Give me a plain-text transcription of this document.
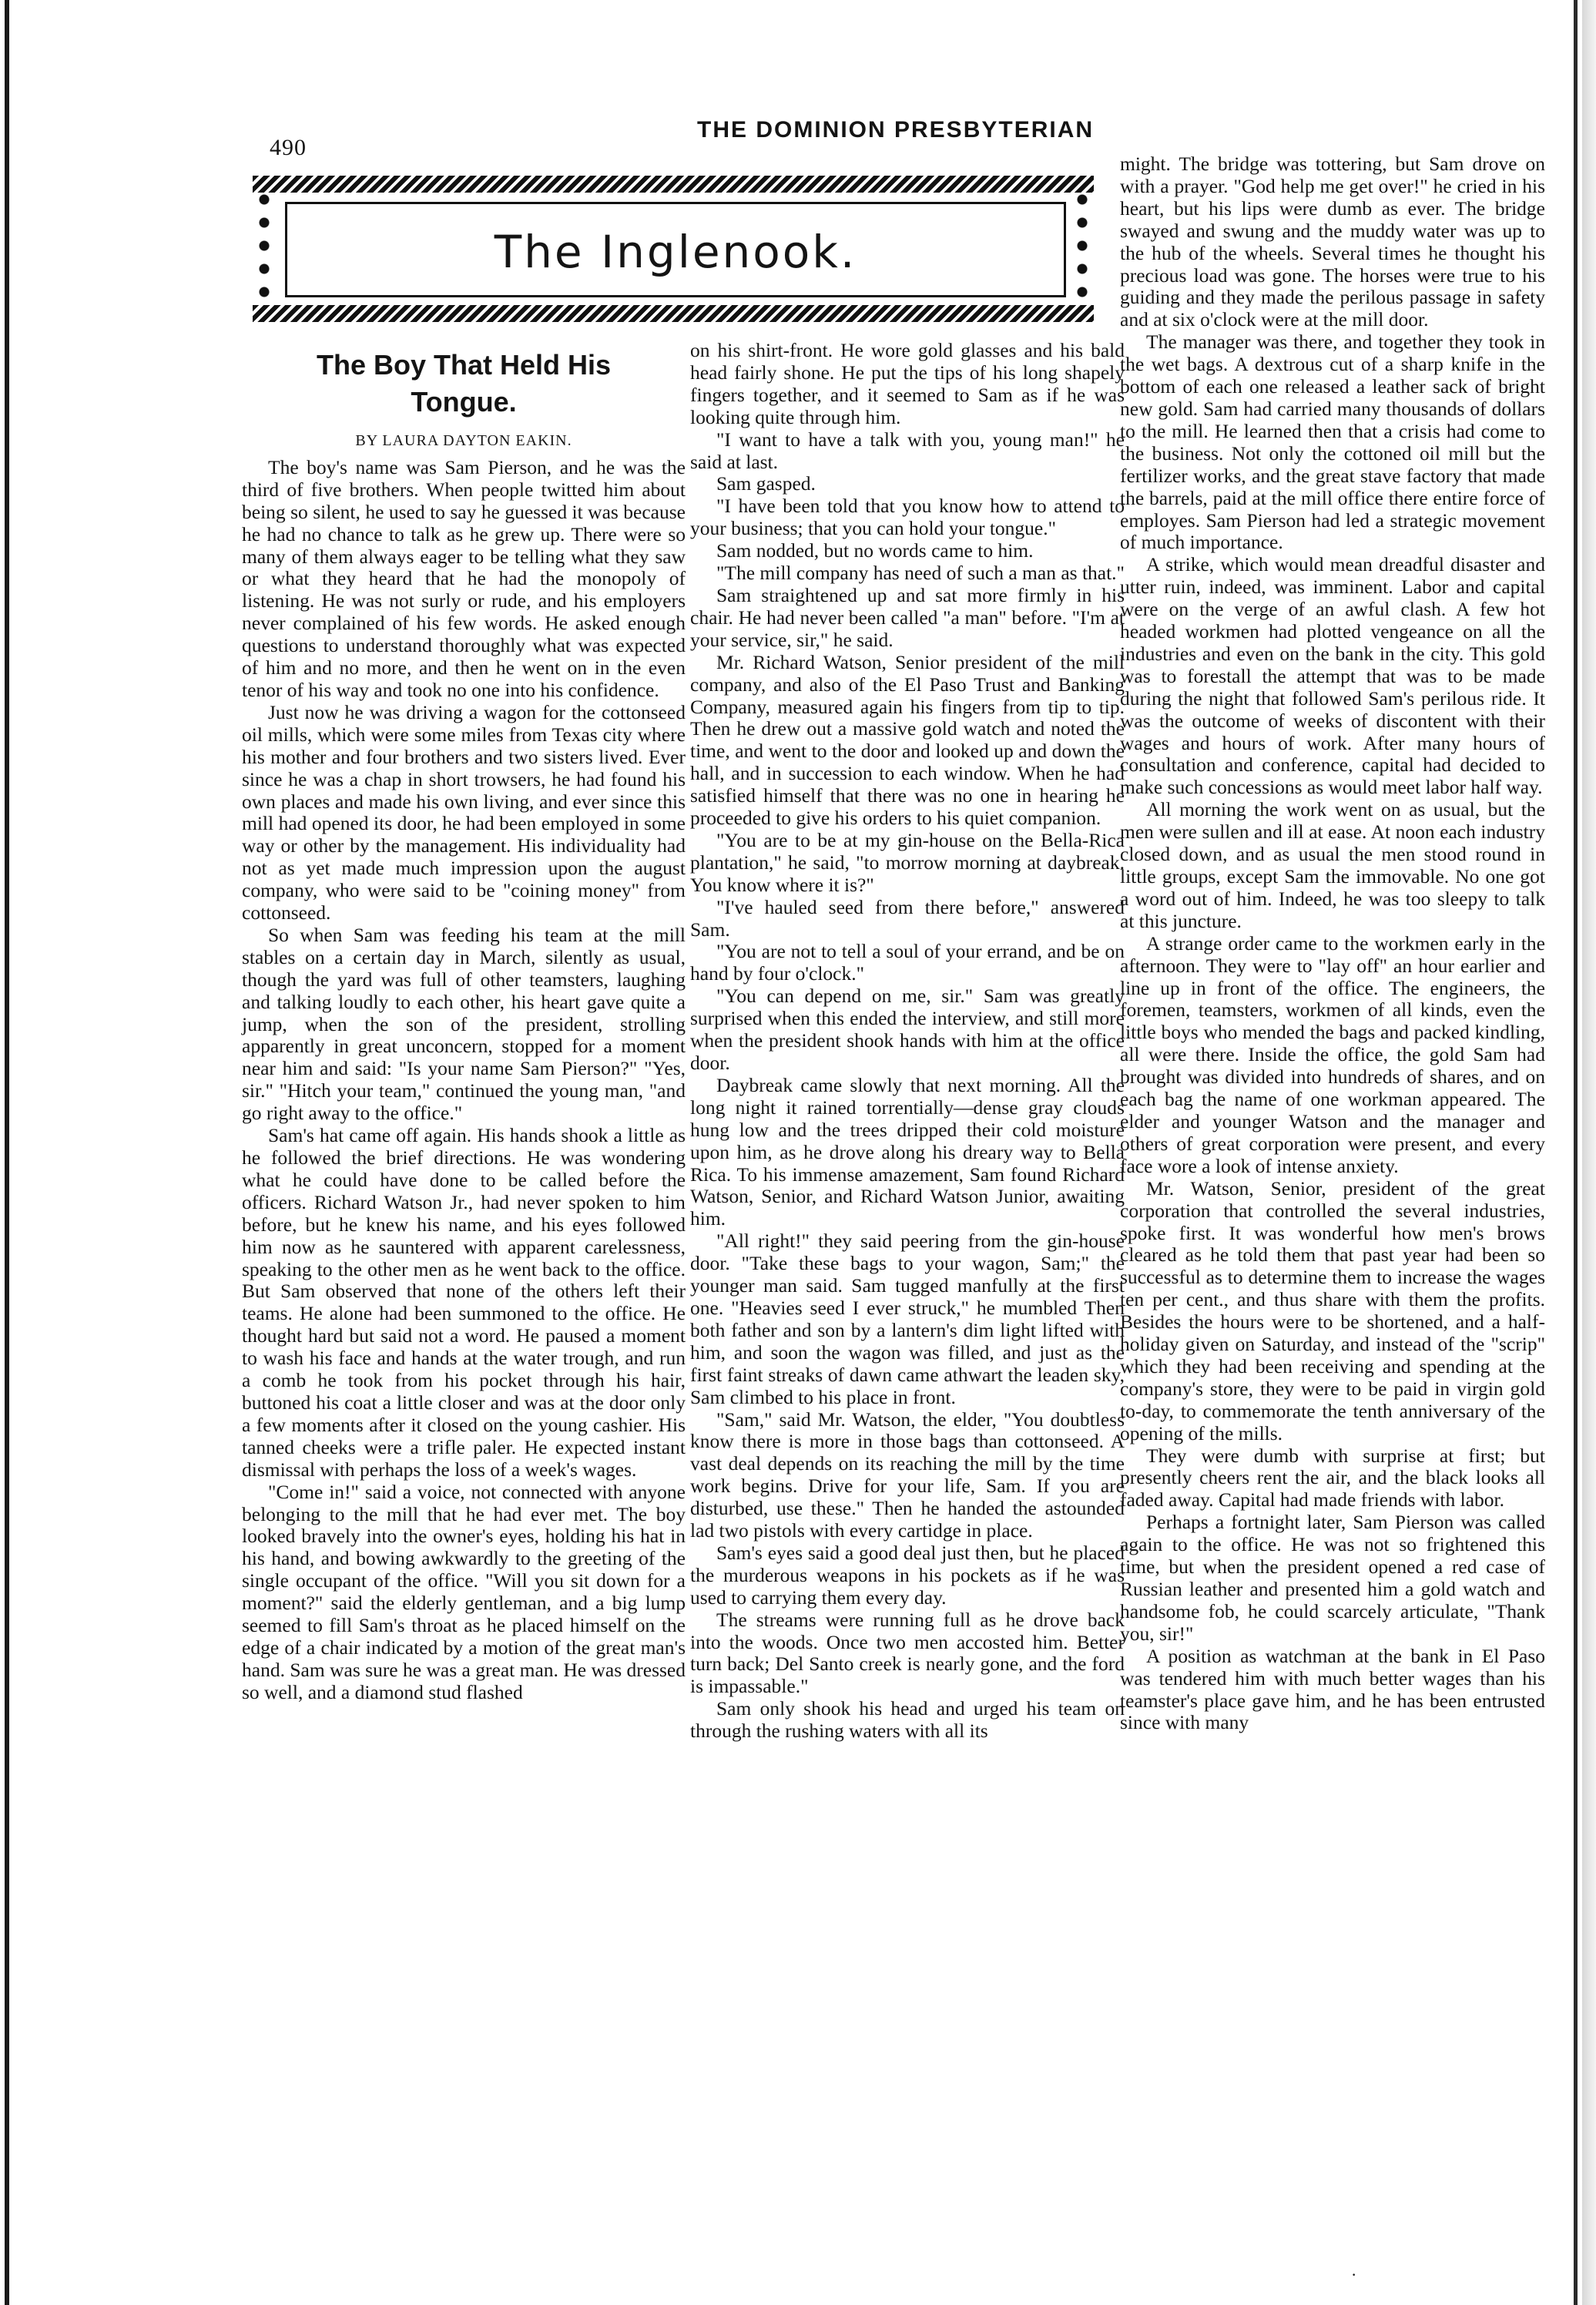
490
THE DOMINION PRESBYTERIAN
The Inglenook.
The Boy That Held His
Tongue.
BY LAURA DAYTON EAKIN.

The boy's name was Sam Pierson, and he was the third of five brothers. When people twitted him about being so silent, he used to say he guessed it was because he had no chance to talk as he grew up. There were so many of them always eager to be telling what they saw or what they heard that he had the monopoly of listening. He was not surly or rude, and his employers never complained of his few words. He asked enough questions to understand thoroughly what was expected of him and no more, and then he went on in the even tenor of his way and took no one into his confidence.

Just now he was driving a wagon for the cottonseed oil mills, which were some miles from Texas city where his mother and four brothers and two sisters lived. Ever since he was a chap in short trowsers, he had found his own places and made his own living, and ever since this mill had opened its door, he had been employed in some way or other by the management. His individuality had not as yet made much impression upon the august company, who were said to be "coining money" from cottonseed.

So when Sam was feeding his team at the mill stables on a certain day in March, silently as usual, though the yard was full of other teamsters, laughing and talking loudly to each other, his heart gave quite a jump, when the son of the president, strolling apparently in great unconcern, stopped for a moment near him and said: "Is your name Sam Pierson?" "Yes, sir." "Hitch your team," continued the young man, "and go right away to the office."

Sam's hat came off again. His hands shook a little as he followed the brief directions. He was wondering what he could have done to be called before the officers. Richard Watson Jr., had never spoken to him before, but he knew his name, and his eyes followed him now as he sauntered with apparent carelessness, speaking to the other men as he went back to the office. But Sam observed that none of the others left their teams. He alone had been summoned to the office. He thought hard but said not a word. He paused a moment to wash his face and hands at the water trough, and run a comb he took from his pocket through his hair, buttoned his coat a little closer and was at the door only a few moments after it closed on the young cashier. His tanned cheeks were a trifle paler. He expected instant dismissal with perhaps the loss of a week's wages.

"Come in!" said a voice, not connected with anyone belonging to the mill that he had ever met. The boy looked bravely into the owner's eyes, holding his hat in his hand, and bowing awkwardly to the greeting of the single occupant of the office. "Will you sit down for a moment?" said the elderly gentleman, and a big lump seemed to fill Sam's throat as he placed himself on the edge of a chair indicated by a motion of the great man's hand. Sam was sure he was a great man. He was dressed so well, and a diamond stud flashed

on his shirt-front. He wore gold glasses and his bald head fairly shone. He put the tips of his long shapely fingers together, and it seemed to Sam as if he was looking quite through him.

"I want to have a talk with you, young man!" he said at last.

Sam gasped.

"I have been told that you know how to attend to your business; that you can hold your tongue."

Sam nodded, but no words came to him.

"The mill company has need of such a man as that."

Sam straightened up and sat more firmly in his chair. He had never been called "a man" before. "I'm at your service, sir," he said.

Mr. Richard Watson, Senior president of the mill company, and also of the El Paso Trust and Banking Company, measured again his fingers from tip to tip. Then he drew out a massive gold watch and noted the time, and went to the door and looked up and down the hall, and in succession to each window. When he had satisfied himself that there was no one in hearing he proceeded to give his orders to his quiet companion.

"You are to be at my gin-house on the Bella-Rica plantation," he said, "to morrow morning at daybreak. You know where it is?"

"I've hauled seed from there before," answered Sam.

"You are not to tell a soul of your errand, and be on hand by four o'clock."

"You can depend on me, sir." Sam was greatly surprised when this ended the interview, and still more when the president shook hands with him at the office door.

Daybreak came slowly that next morning. All the long night it rained torrentially—dense gray clouds hung low and the trees dripped their cold moisture upon him, as he drove along his dreary way to Bella Rica. To his immense amazement, Sam found Richard Watson, Senior, and Richard Watson Junior, awaiting him.

"All right!" they said peering from the gin-house door. "Take these bags to your wagon, Sam;" the younger man said. Sam tugged manfully at the first one. "Heavies seed I ever struck," he mumbled Then both father and son by a lantern's dim light lifted with him, and soon the wagon was filled, and just as the first faint streaks of dawn came athwart the leaden sky, Sam climbed to his place in front.

"Sam," said Mr. Watson, the elder, "You doubtless know there is more in those bags than cottonseed. A vast deal depends on its reaching the mill by the time work begins. Drive for your life, Sam. If you are disturbed, use these." Then he handed the astounded lad two pistols with every cartidge in place.

Sam's eyes said a good deal just then, but he placed the murderous weapons in his pockets as if he was used to carrying them every day.

The streams were running full as he drove back into the woods. Once two men accosted him. Better turn back; Del Santo creek is nearly gone, and the ford is impassable."

Sam only shook his head and urged his team on through the rushing waters with all its

might. The bridge was tottering, but Sam drove on with a prayer. "God help me get over!" he cried in his heart, but his lips were dumb as ever. The bridge swayed and swung and the muddy water was up to the hub of the wheels. Several times he thought his precious load was gone. The horses were true to his guiding and they made the perilous passage in safety and at six o'clock were at the mill door.

The manager was there, and together they took in the wet bags. A dextrous cut of a sharp knife in the bottom of each one released a leather sack of bright new gold. Sam had carried many thousands of dollars to the mill. He learned then that a crisis had come to the business. Not only the cottoned oil mill but the fertilizer works, and the great stave factory that made the barrels, paid at the mill office there entire force of employes. Sam Pierson had led a strategic movement of much importance.

A strike, which would mean dreadful disaster and utter ruin, indeed, was imminent. Labor and capital were on the verge of an awful clash. A few hot headed workmen had plotted vengeance on all the industries and even on the bank in the city. This gold was to forestall the attempt that was to be made during the night that followed Sam's perilous ride. It was the outcome of weeks of discontent with their wages and hours of work. After many hours of consultation and conference, capital had decided to make such concessions as would meet labor half way.

All morning the work went on as usual, but the men were sullen and ill at ease. At noon each industry closed down, and as usual the men stood round in little groups, except Sam the immovable. No one got a word out of him. Indeed, he was too sleepy to talk at this juncture.

A strange order came to the workmen early in the afternoon. They were to "lay off" an hour earlier and line up in front of the office. The engineers, the foremen, teamsters, workmen of all kinds, even the little boys who mended the bags and packed kindling, all were there. Inside the office, the gold Sam had brought was divided into hundreds of shares, and on each bag the name of one workman appeared. The elder and younger Watson and the manager and others of great corporation were present, and every face wore a look of intense anxiety.

Mr. Watson, Senior, president of the great corporation that controlled the several industries, spoke first. It was wonderful how men's brows cleared as he told them that past year had been so successful as to determine them to increase the wages ten per cent., and thus share with them the profits. Besides the hours were to be shortened, and a half-holiday given on Saturday, and instead of the "scrip" which they had been receiving and spending at the company's store, they were to be paid in virgin gold to-day, to commemorate the tenth anniversary of the opening of the mills.

They were dumb with surprise at first; but presently cheers rent the air, and the black looks all faded away. Capital had made friends with labor.

Perhaps a fortnight later, Sam Pierson was called again to the office. He was not so frightened this time, but when the president opened a red case of Russian leather and presented him a gold watch and handsome fob, he could scarcely articulate, "Thank you, sir!"

A position as watchman at the bank in El Paso was tendered him with much better wages than his teamster's place gave him, and he has been entrusted since with many

·
